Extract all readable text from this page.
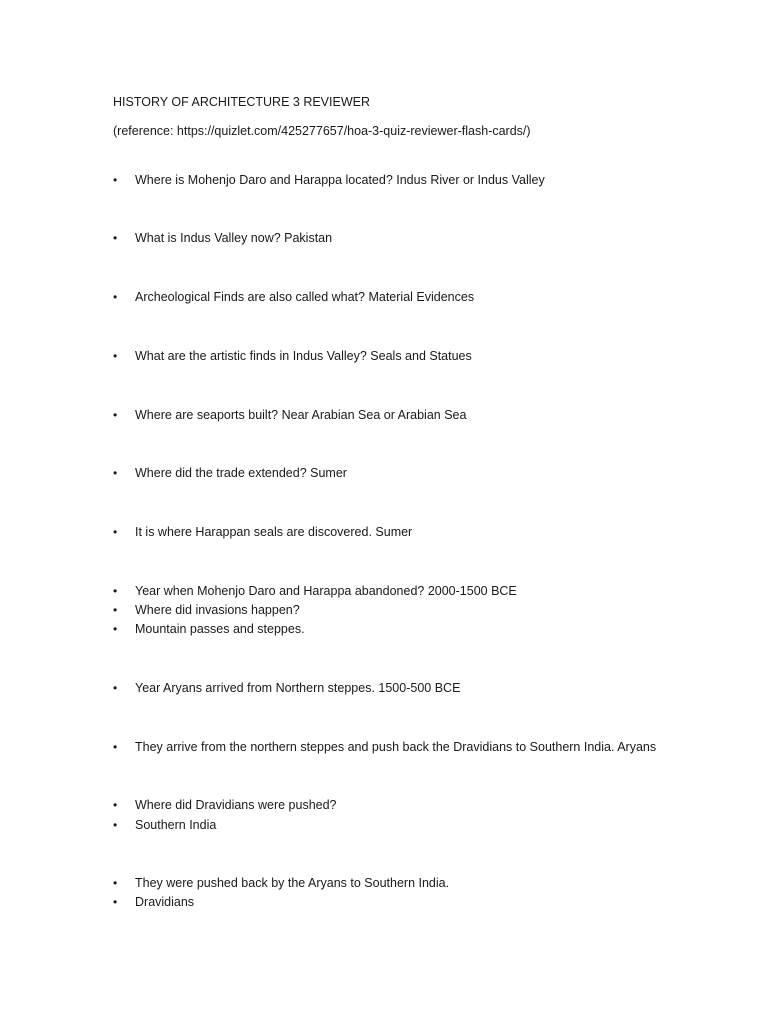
HISTORY OF ARCHITECTURE 3 REVIEWER
(reference: https://quizlet.com/425277657/hoa-3-quiz-reviewer-flash-cards/)
• Where is Mohenjo Daro and Harappa located? Indus River or Indus Valley
• What is Indus Valley now? Pakistan
• Archeological Finds are also called what? Material Evidences
• What are the artistic finds in Indus Valley? Seals and Statues
• Where are seaports built? Near Arabian Sea or Arabian Sea
• Where did the trade extended? Sumer
• It is where Harappan seals are discovered. Sumer
• Year when Mohenjo Daro and Harappa abandoned? 2000-1500 BCE
• Where did invasions happen?
• Mountain passes and steppes.
• Year Aryans arrived from Northern steppes. 1500-500 BCE
• They arrive from the northern steppes and push back the Dravidians to Southern India. Aryans
• Where did Dravidians were pushed?
• Southern India
• They were pushed back by the Aryans to Southern India.
• Dravidians
